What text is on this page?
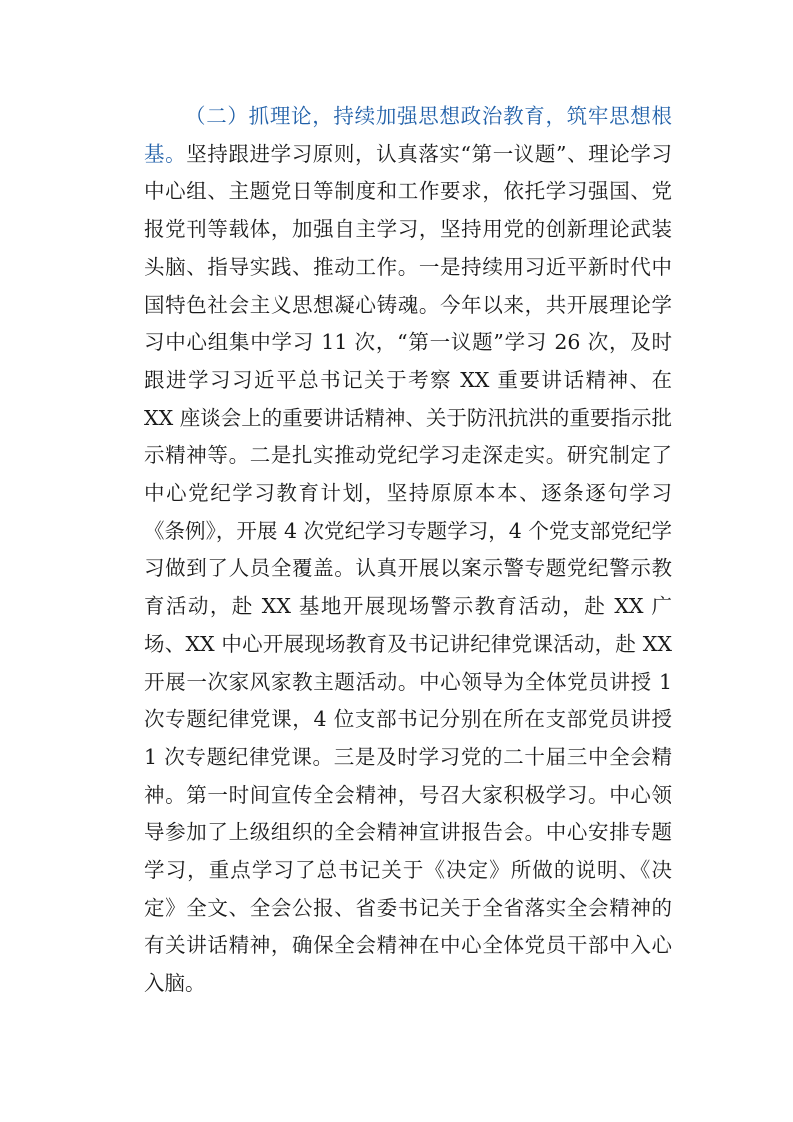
（二）抓理论，持续加强思想政治教育，筑牢思想根基。坚持跟进学习原则，认真落实“第一议题”、理论学习中心组、主题党日等制度和工作要求，依托学习强国、党报党刊等载体，加强自主学习，坚持用党的创新理论武装头脑、指导实践、推动工作。一是持续用习近平新时代中国特色社会主义思想凝心铸魂。今年以来，共开展理论学习中心组集中学习 11 次，“第一议题”学习 26 次，及时跟进学习习近平总书记关于考察 XX 重要讲话精神、在 XX 座谈会上的重要讲话精神、关于防汛抗洪的重要指示批示精神等。二是扎实推动党纪学习走深走实。研究制定了中心党纪学习教育计划，坚持原原本本、逐条逐句学习《条例》，开展 4 次党纪学习专题学习，4 个党支部党纪学习做到了人员全覆盖。认真开展以案示警专题党纪警示教育活动，赴 XX 基地开展现场警示教育活动，赴 XX 广场、XX 中心开展现场教育及书记讲纪律党课活动，赴 XX 开展一次家风家教主题活动。中心领导为全体党员讲授 1 次专题纪律党课，4 位支部书记分别在所在支部党员讲授 1 次专题纪律党课。三是及时学习党的二十届三中全会精神。第一时间宣传全会精神，号召大家积极学习。中心领导参加了上级组织的全会精神宣讲报告会。中心安排专题学习，重点学习了总书记关于《决定》所做的说明、《决定》全文、全会公报、省委书记关于全省落实全会精神的有关讲话精神，确保全会精神在中心全体党员干部中入心入脑。
